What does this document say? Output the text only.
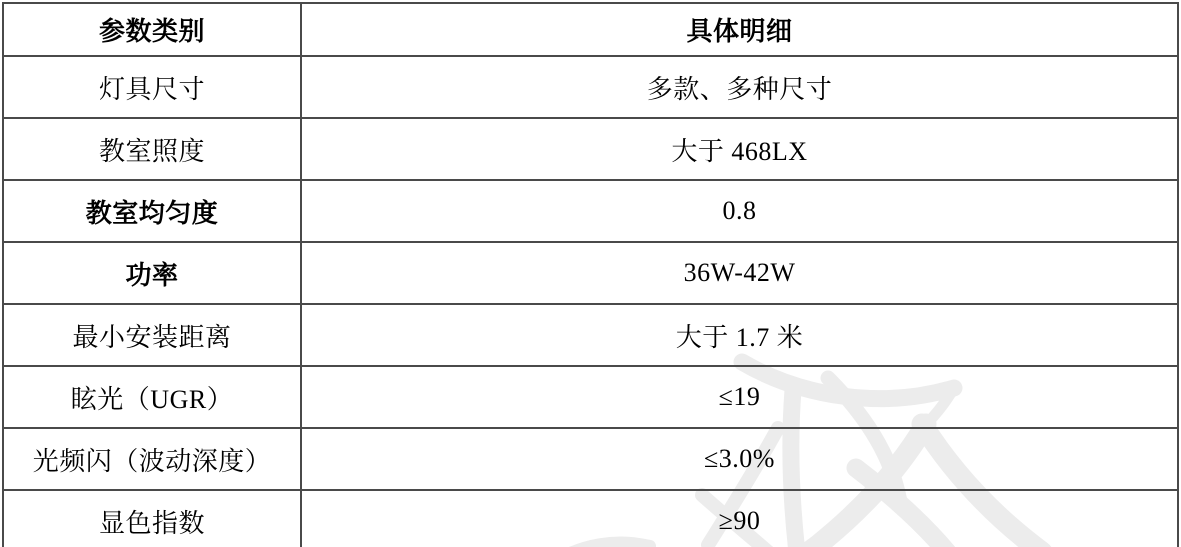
参数类别	具体明细
灯具尺寸	多款、多种尺寸
教室照度	大于 468LX
教室均匀度	0.8
功率	36W-42W
最小安装距离	大于 1.7 米
眩光（UGR）	≤19
光频闪（波动深度）	≤3.0%
显色指数	≥90
